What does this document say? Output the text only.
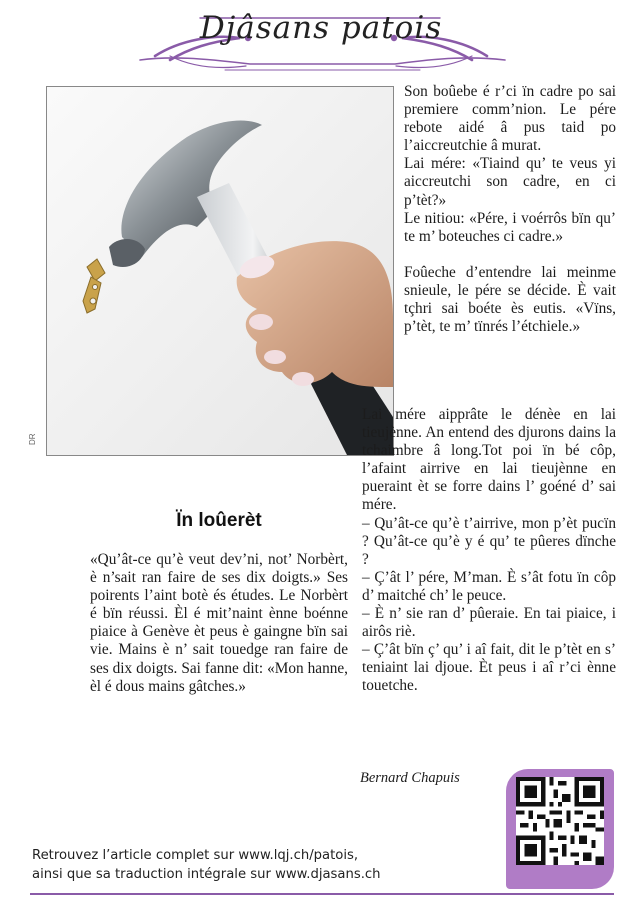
Djâsans patois
DR

Son boûebe é r’ci ïn cadre po sai premiere comm’nion. Le pére rebote aidé â pus taid po l’aiccreutchie â murat.

Lai mére: «Tiaind qu’ te veus yi aiccreutchi son cadre, en ci p’tèt?»

Le nitiou: «Pére, i voérrôs bïn qu’ te m’ boteuches ci cadre.»

Foûeche d’entendre lai meinme snieule, le pére se décide. È vait tçhri sai boéte ès eutis. «Vïns, p’tèt, te m’ tïnrés l’étchiele.»

Lai mére aipprâte le dénèe en lai tieujènne. An entend des djurons dains la tchaimbre â long.Tot poi ïn bé côp, l’afaint airrive en lai tieujènne en pueraint èt se forre dains l’ goéné d’ sai mére.

– Qu’ât-ce qu’è t’airrive, mon p’èt pucïn ? Qu’ât-ce qu’è y é qu’ te pûeres dïnche ?

– Ç’ât l’ pére, M’man. È s’ât fotu ïn côp d’ maitché ch’ le peuce.

– È n’ sie ran d’ pûeraie. En tai piaice, i airôs riè.

– Ç’ât bïn ç’ qu’ i aî fait, dit le p’tèt en s’ teniaint lai djoue. Èt peus i aî r’ci ènne touetche.

Ïn loûerèt

«Qu’ât-ce qu’è veut dev’ni, not’ Norbèrt, è n’sait ran faire de ses dix doigts.» Ses poirents l’aint botè és études. Le Norbèrt é bïn réussi. Èl é mit’naint ènne boénne piaice à Genève èt peus è gaingne bïn sai vie. Mains è n’ sait touedge ran faire de ses dix doigts. Sai fanne dit: «Mon hanne, èl é dous mains gâtches.»

Bernard Chapuis
Retrouvez l’article complet sur www.lqj.ch/patois,
ainsi que sa traduction intégrale sur www.djasans.ch
